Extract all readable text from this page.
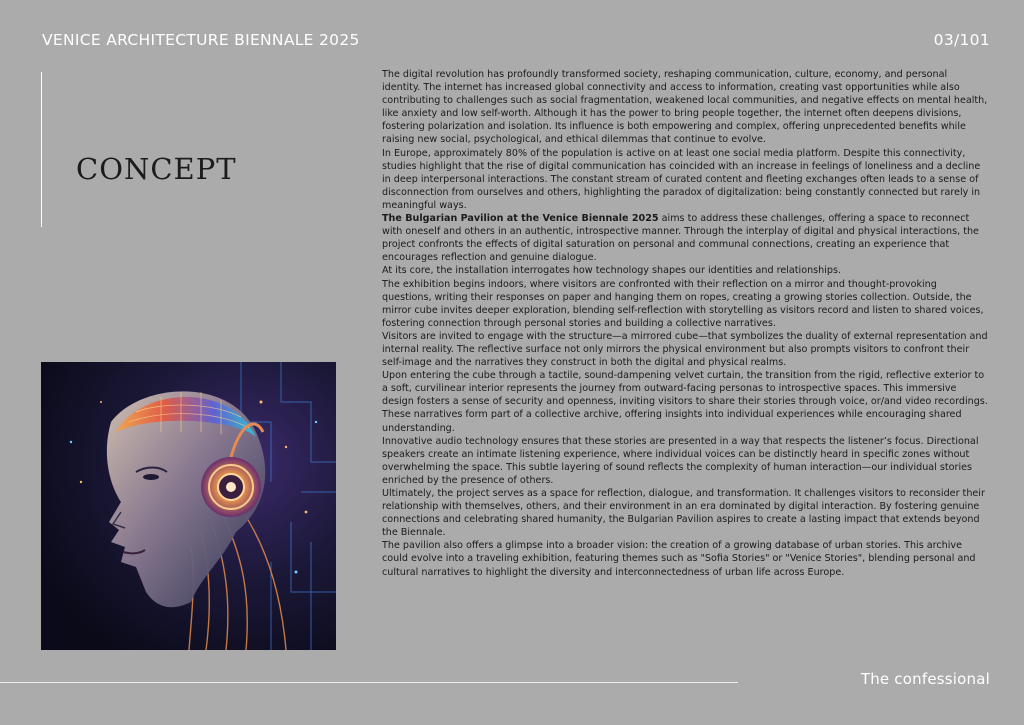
VENICE ARCHITECTURE BIENNALE 2025	03/101
CONCEPT

The digital revolution has profoundly transformed society, reshaping communication, culture, economy, and personal identity. The internet has increased global connectivity and access to information, creating vast opportunities while also contributing to challenges such as social fragmentation, weakened local communities, and negative effects on mental health, like anxiety and low self-worth. Although it has the power to bring people together, the internet often deepens divisions, fostering polarization and isolation. Its influence is both empowering and complex, offering unprecedented benefits while raising new social, psychological, and ethical dilemmas that continue to evolve.

In Europe, approximately 80% of the population is active on at least one social media platform. Despite this connectivity, studies highlight that the rise of digital communication has coincided with an increase in feelings of loneliness and a decline in deep interpersonal interactions. The constant stream of curated content and fleeting exchanges often leads to a sense of disconnection from ourselves and others, highlighting the paradox of digitalization: being constantly connected but rarely in meaningful ways.

The Bulgarian Pavilion at the Venice Biennale 2025 aims to address these challenges, offering a space to reconnect with oneself and others in an authentic, introspective manner. Through the interplay of digital and physical interactions, the project confronts the effects of digital saturation on personal and communal connections, creating an experience that encourages reflection and genuine dialogue.

At its core, the installation interrogates how technology shapes our identities and relationships.

The exhibition begins indoors, where visitors are confronted with their reflection on a mirror and thought-provoking questions, writing their responses on paper and hanging them on ropes, creating a growing stories collection. Outside, the mirror cube invites deeper exploration, blending self-reflection with storytelling as visitors record and listen to shared voices, fostering connection through personal stories and building a collective narratives.

Visitors are invited to engage with the structure—a mirrored cube—that symbolizes the duality of external representation and internal reality. The reflective surface not only mirrors the physical environment but also prompts visitors to confront their self-image and the narratives they construct in both the digital and physical realms.

Upon entering the cube through a tactile, sound-dampening velvet curtain, the transition from the rigid, reflective exterior to a soft, curvilinear interior represents the journey from outward-facing personas to introspective spaces. This immersive design fosters a sense of security and openness, inviting visitors to share their stories through voice, or/and video recordings. These narratives form part of a collective archive, offering insights into individual experiences while encouraging shared understanding.

Innovative audio technology ensures that these stories are presented in a way that respects the listener’s focus. Directional speakers create an intimate listening experience, where individual voices can be distinctly heard in specific zones without overwhelming the space. This subtle layering of sound reflects the complexity of human interaction—our individual stories enriched by the presence of others.

Ultimately, the project serves as a space for reflection, dialogue, and transformation. It challenges visitors to reconsider their relationship with themselves, others, and their environment in an era dominated by digital interaction. By fostering genuine connections and celebrating shared humanity, the Bulgarian Pavilion aspires to create a lasting impact that extends beyond the Biennale.

The pavilion also offers a glimpse into a broader vision: the creation of a growing database of urban stories. This archive could evolve into a traveling exhibition, featuring themes such as "Sofia Stories" or "Venice Stories", blending personal and cultural narratives to highlight the diversity and interconnectedness of urban life across Europe.

The confessional
